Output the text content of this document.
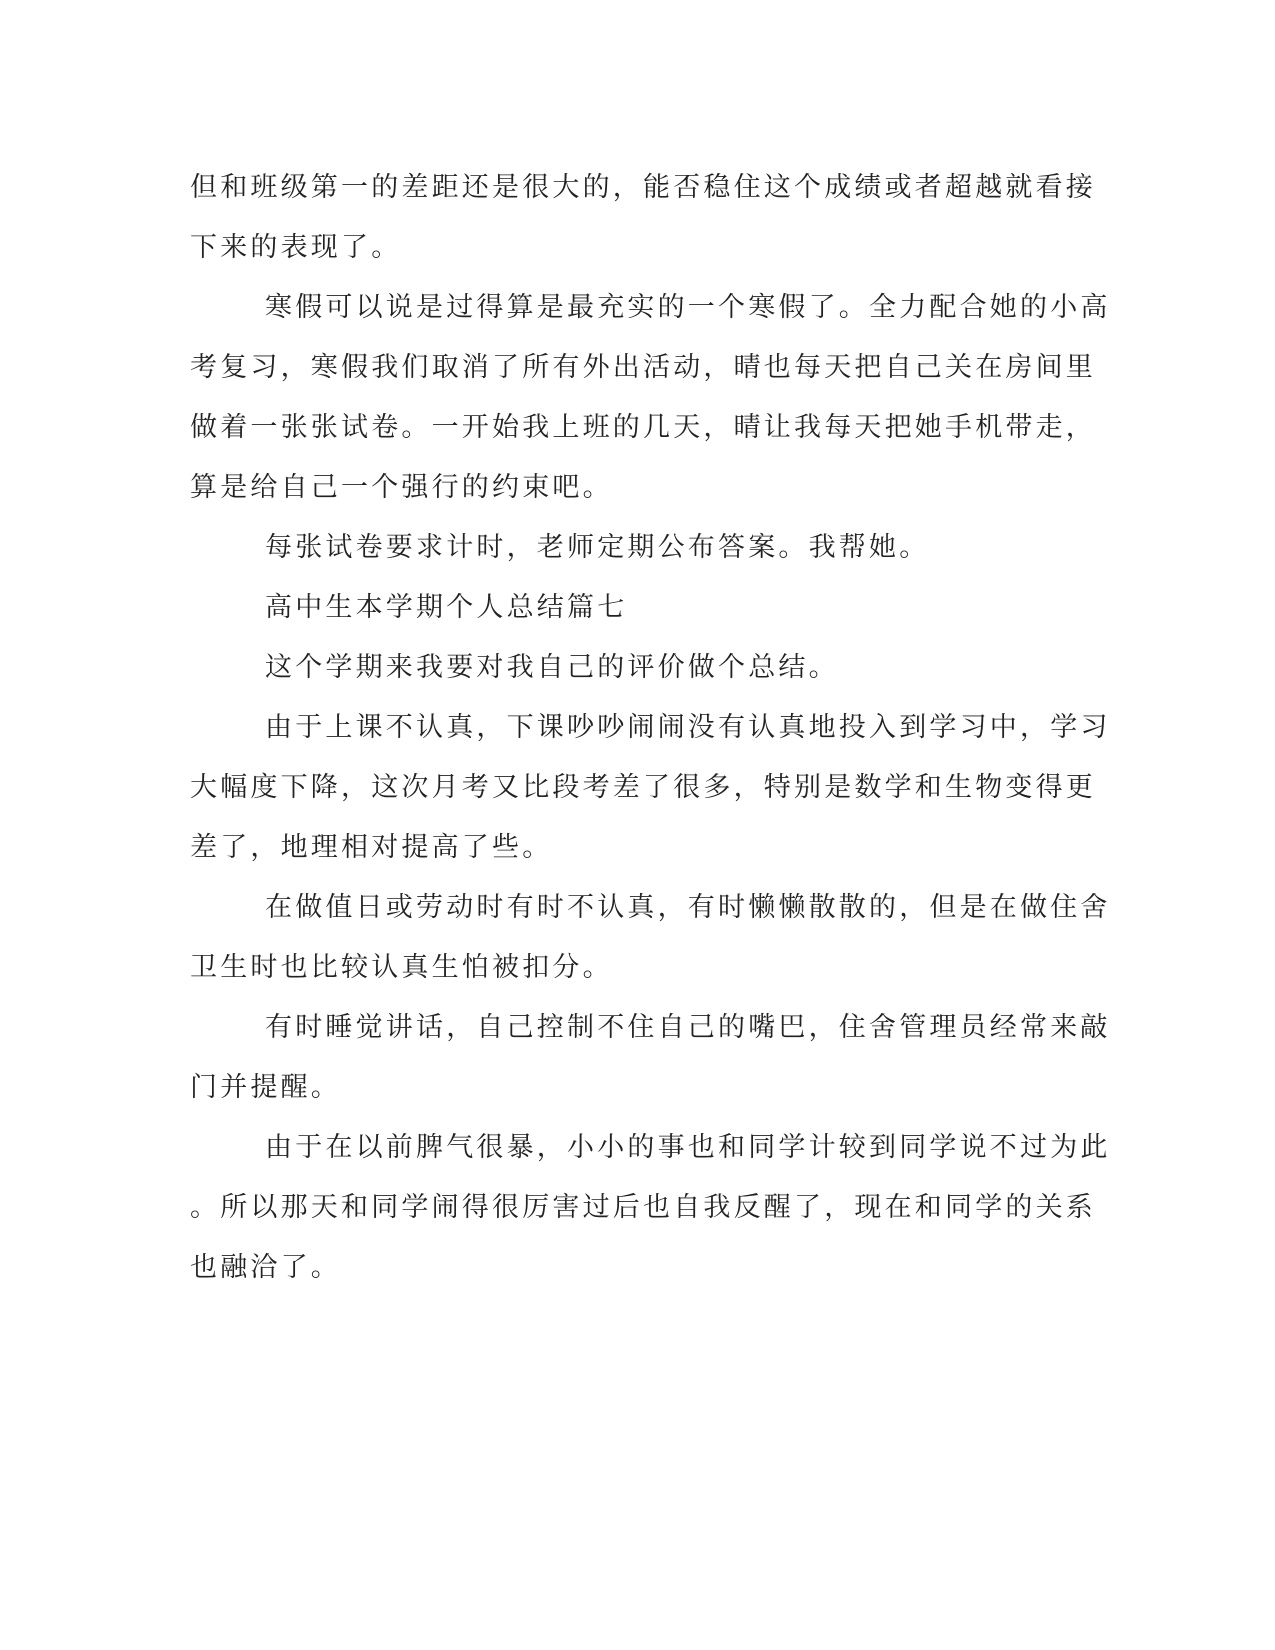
但和班级第一的差距还是很大的，能否稳住这个成绩或者超越就看接
下来的表现了。
寒假可以说是过得算是最充实的一个寒假了。全力配合她的小高
考复习，寒假我们取消了所有外出活动，晴也每天把自己关在房间里
做着一张张试卷。一开始我上班的几天，晴让我每天把她手机带走，
算是给自己一个强行的约束吧。
每张试卷要求计时，老师定期公布答案。我帮她。
高中生本学期个人总结篇七
这个学期来我要对我自己的评价做个总结。
由于上课不认真，下课吵吵闹闹没有认真地投入到学习中，学习
大幅度下降，这次月考又比段考差了很多，特别是数学和生物变得更
差了，地理相对提高了些。
在做值日或劳动时有时不认真，有时懒懒散散的，但是在做住舍
卫生时也比较认真生怕被扣分。
有时睡觉讲话，自己控制不住自己的嘴巴，住舍管理员经常来敲
门并提醒。
由于在以前脾气很暴，小小的事也和同学计较到同学说不过为此
。所以那天和同学闹得很厉害过后也自我反醒了，现在和同学的关系
也融洽了。
